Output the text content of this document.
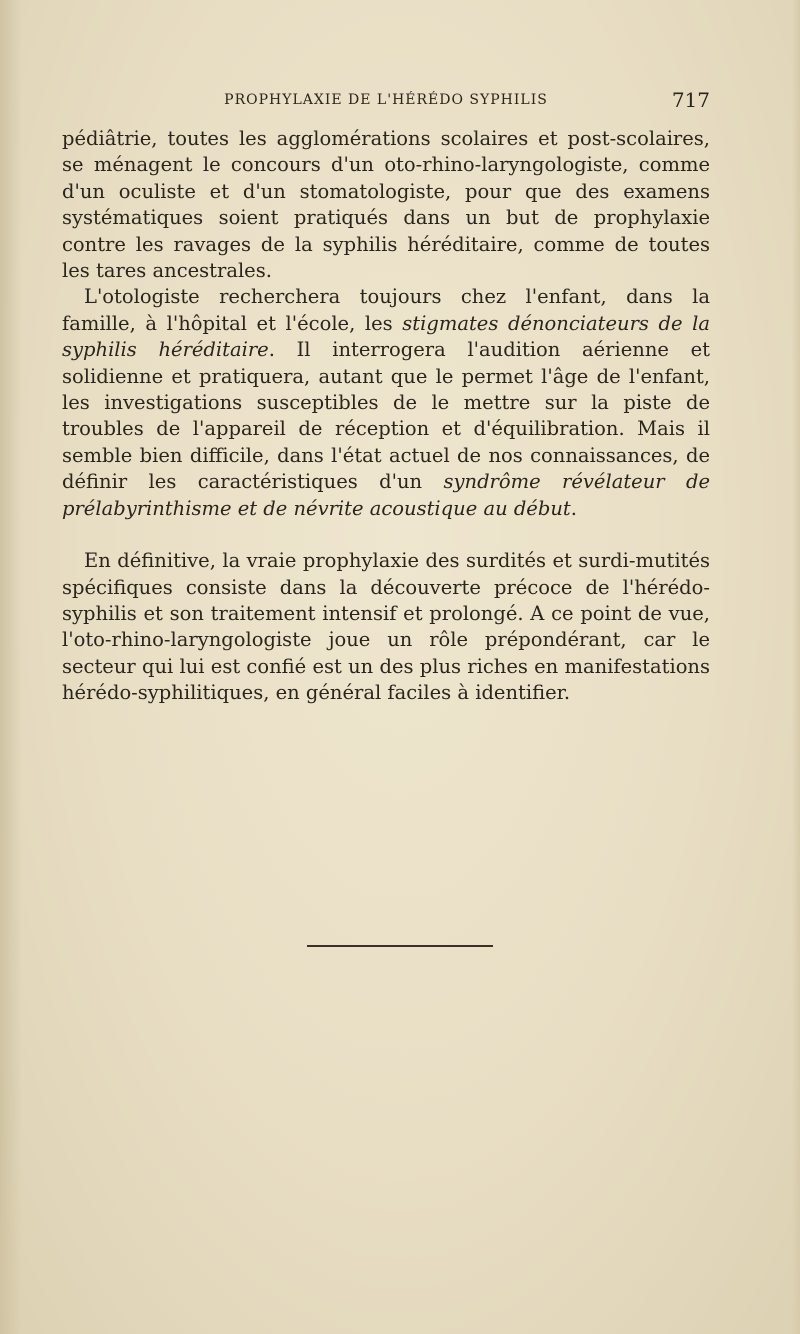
PROPHYLAXIE DE L'HÉRÉDO SYPHILIS	717

pédiâtrie, toutes les agglomérations scolaires et post-scolaires, se ménagent le concours d'un oto-rhino-laryngologiste, comme d'un oculiste et d'un stomatologiste, pour que des examens systématiques soient pratiqués dans un but de prophylaxie contre les ravages de la syphilis héréditaire, comme de toutes les tares ancestrales.

L'otologiste recherchera toujours chez l'enfant, dans la famille, à l'hôpital et l'école, les stigmates dénonciateurs de la syphilis héréditaire. Il interrogera l'audition aérienne et solidienne et pratiquera, autant que le permet l'âge de l'enfant, les investigations susceptibles de le mettre sur la piste de troubles de l'appareil de réception et d'équilibration. Mais il semble bien difficile, dans l'état actuel de nos connaissances, de définir les caractéristiques d'un syndrôme révélateur de prélabyrinthisme et de névrite acoustique au début.

En définitive, la vraie prophylaxie des surdités et surdi-mutités spécifiques consiste dans la découverte précoce de l'hérédo-syphilis et son traitement intensif et prolongé. A ce point de vue, l'oto-rhino-laryngologiste joue un rôle prépondérant, car le secteur qui lui est confié est un des plus riches en manifestations hérédo-syphilitiques, en général faciles à identifier.
